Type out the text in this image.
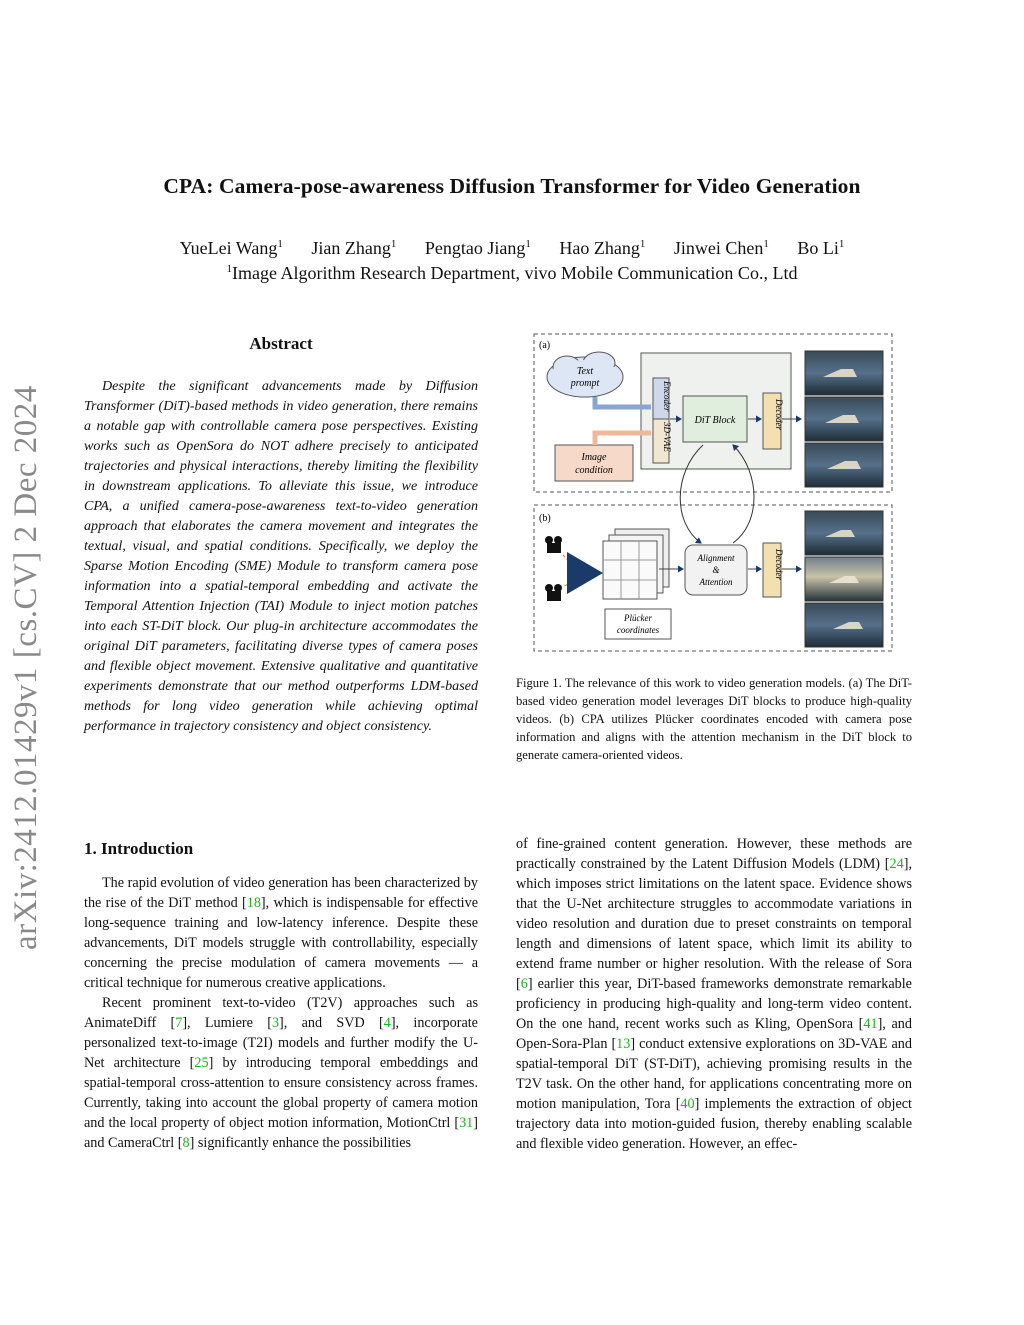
arXiv:2412.01429v1 [cs.CV] 2 Dec 2024
CPA: Camera-pose-awareness Diffusion Transformer for Video Generation
YueLei Wang$^1$ Jian Zhang$^1$ Pengtao Jiang$^1$ Hao Zhang$^1$ Jinwei Chen$^1$ Bo Li$^1$
$^1$Image Algorithm Research Department, vivo Mobile Communication Co., Ltd
Abstract
Despite the significant advancements made by Diffusion Transformer (DiT)-based methods in video generation, there remains a notable gap with controllable camera pose perspectives. Existing works such as OpenSora do NOT adhere precisely to anticipated trajectories and physical interactions, thereby limiting the flexibility in downstream applications. To alleviate this issue, we introduce CPA, a unified camera-pose-awareness text-to-video generation approach that elaborates the camera movement and integrates the textual, visual, and spatial conditions. Specifically, we deploy the Sparse Motion Encoding (SME) Module to transform camera pose information into a spatial-temporal embedding and activate the Temporal Attention Injection (TAI) Module to inject motion patches into each ST-DiT block. Our plug-in architecture accommodates the original DiT parameters, facilitating diverse types of camera poses and flexible object movement. Extensive qualitative and quantitative experiments demonstrate that our method outperforms LDM-based methods for long video generation while achieving optimal performance in trajectory consistency and object consistency.
(a)
Text prompt
Image condition
Encoder
3D-VAE
DiT Block	Decoder
(b)
Plücker coordinates
Alignment & Attention
Decoder
Figure 1. The relevance of this work to video generation models. (a) The DiT-based video generation model leverages DiT blocks to produce high-quality videos. (b) CPA utilizes Plücker coordinates encoded with camera pose information and aligns with the attention mechanism in the DiT block to generate camera-oriented videos.
1. Introduction

The rapid evolution of video generation has been characterized by the rise of the DiT method [18], which is indispensable for effective long-sequence training and low-latency inference. Despite these advancements, DiT models struggle with controllability, especially concerning the precise modulation of camera movements — a critical technique for numerous creative applications.

Recent prominent text-to-video (T2V) approaches such as AnimateDiff [7], Lumiere [3], and SVD [4], incorporate personalized text-to-image (T2I) models and further modify the U-Net architecture [25] by introducing temporal embeddings and spatial-temporal cross-attention to ensure consistency across frames. Currently, taking into account the global property of camera motion and the local property of object motion information, MotionCtrl [31] and CameraCtrl [8] significantly enhance the possibilities

of fine-grained content generation. However, these methods are practically constrained by the Latent Diffusion Models (LDM) [24], which imposes strict limitations on the latent space. Evidence shows that the U-Net architecture struggles to accommodate variations in video resolution and duration due to preset constraints on temporal length and dimensions of latent space, which limit its ability to extend frame number or higher resolution. With the release of Sora [6] earlier this year, DiT-based frameworks demonstrate remarkable proficiency in producing high-quality and long-term video content. On the one hand, recent works such as Kling, OpenSora [41], and Open-Sora-Plan [13] conduct extensive explorations on 3D-VAE and spatial-temporal DiT (ST-DiT), achieving promising results in the T2V task. On the other hand, for applications concentrating more on motion manipulation, Tora [40] implements the extraction of object trajectory data into motion-guided fusion, thereby enabling scalable and flexible video generation. However, an effec-
